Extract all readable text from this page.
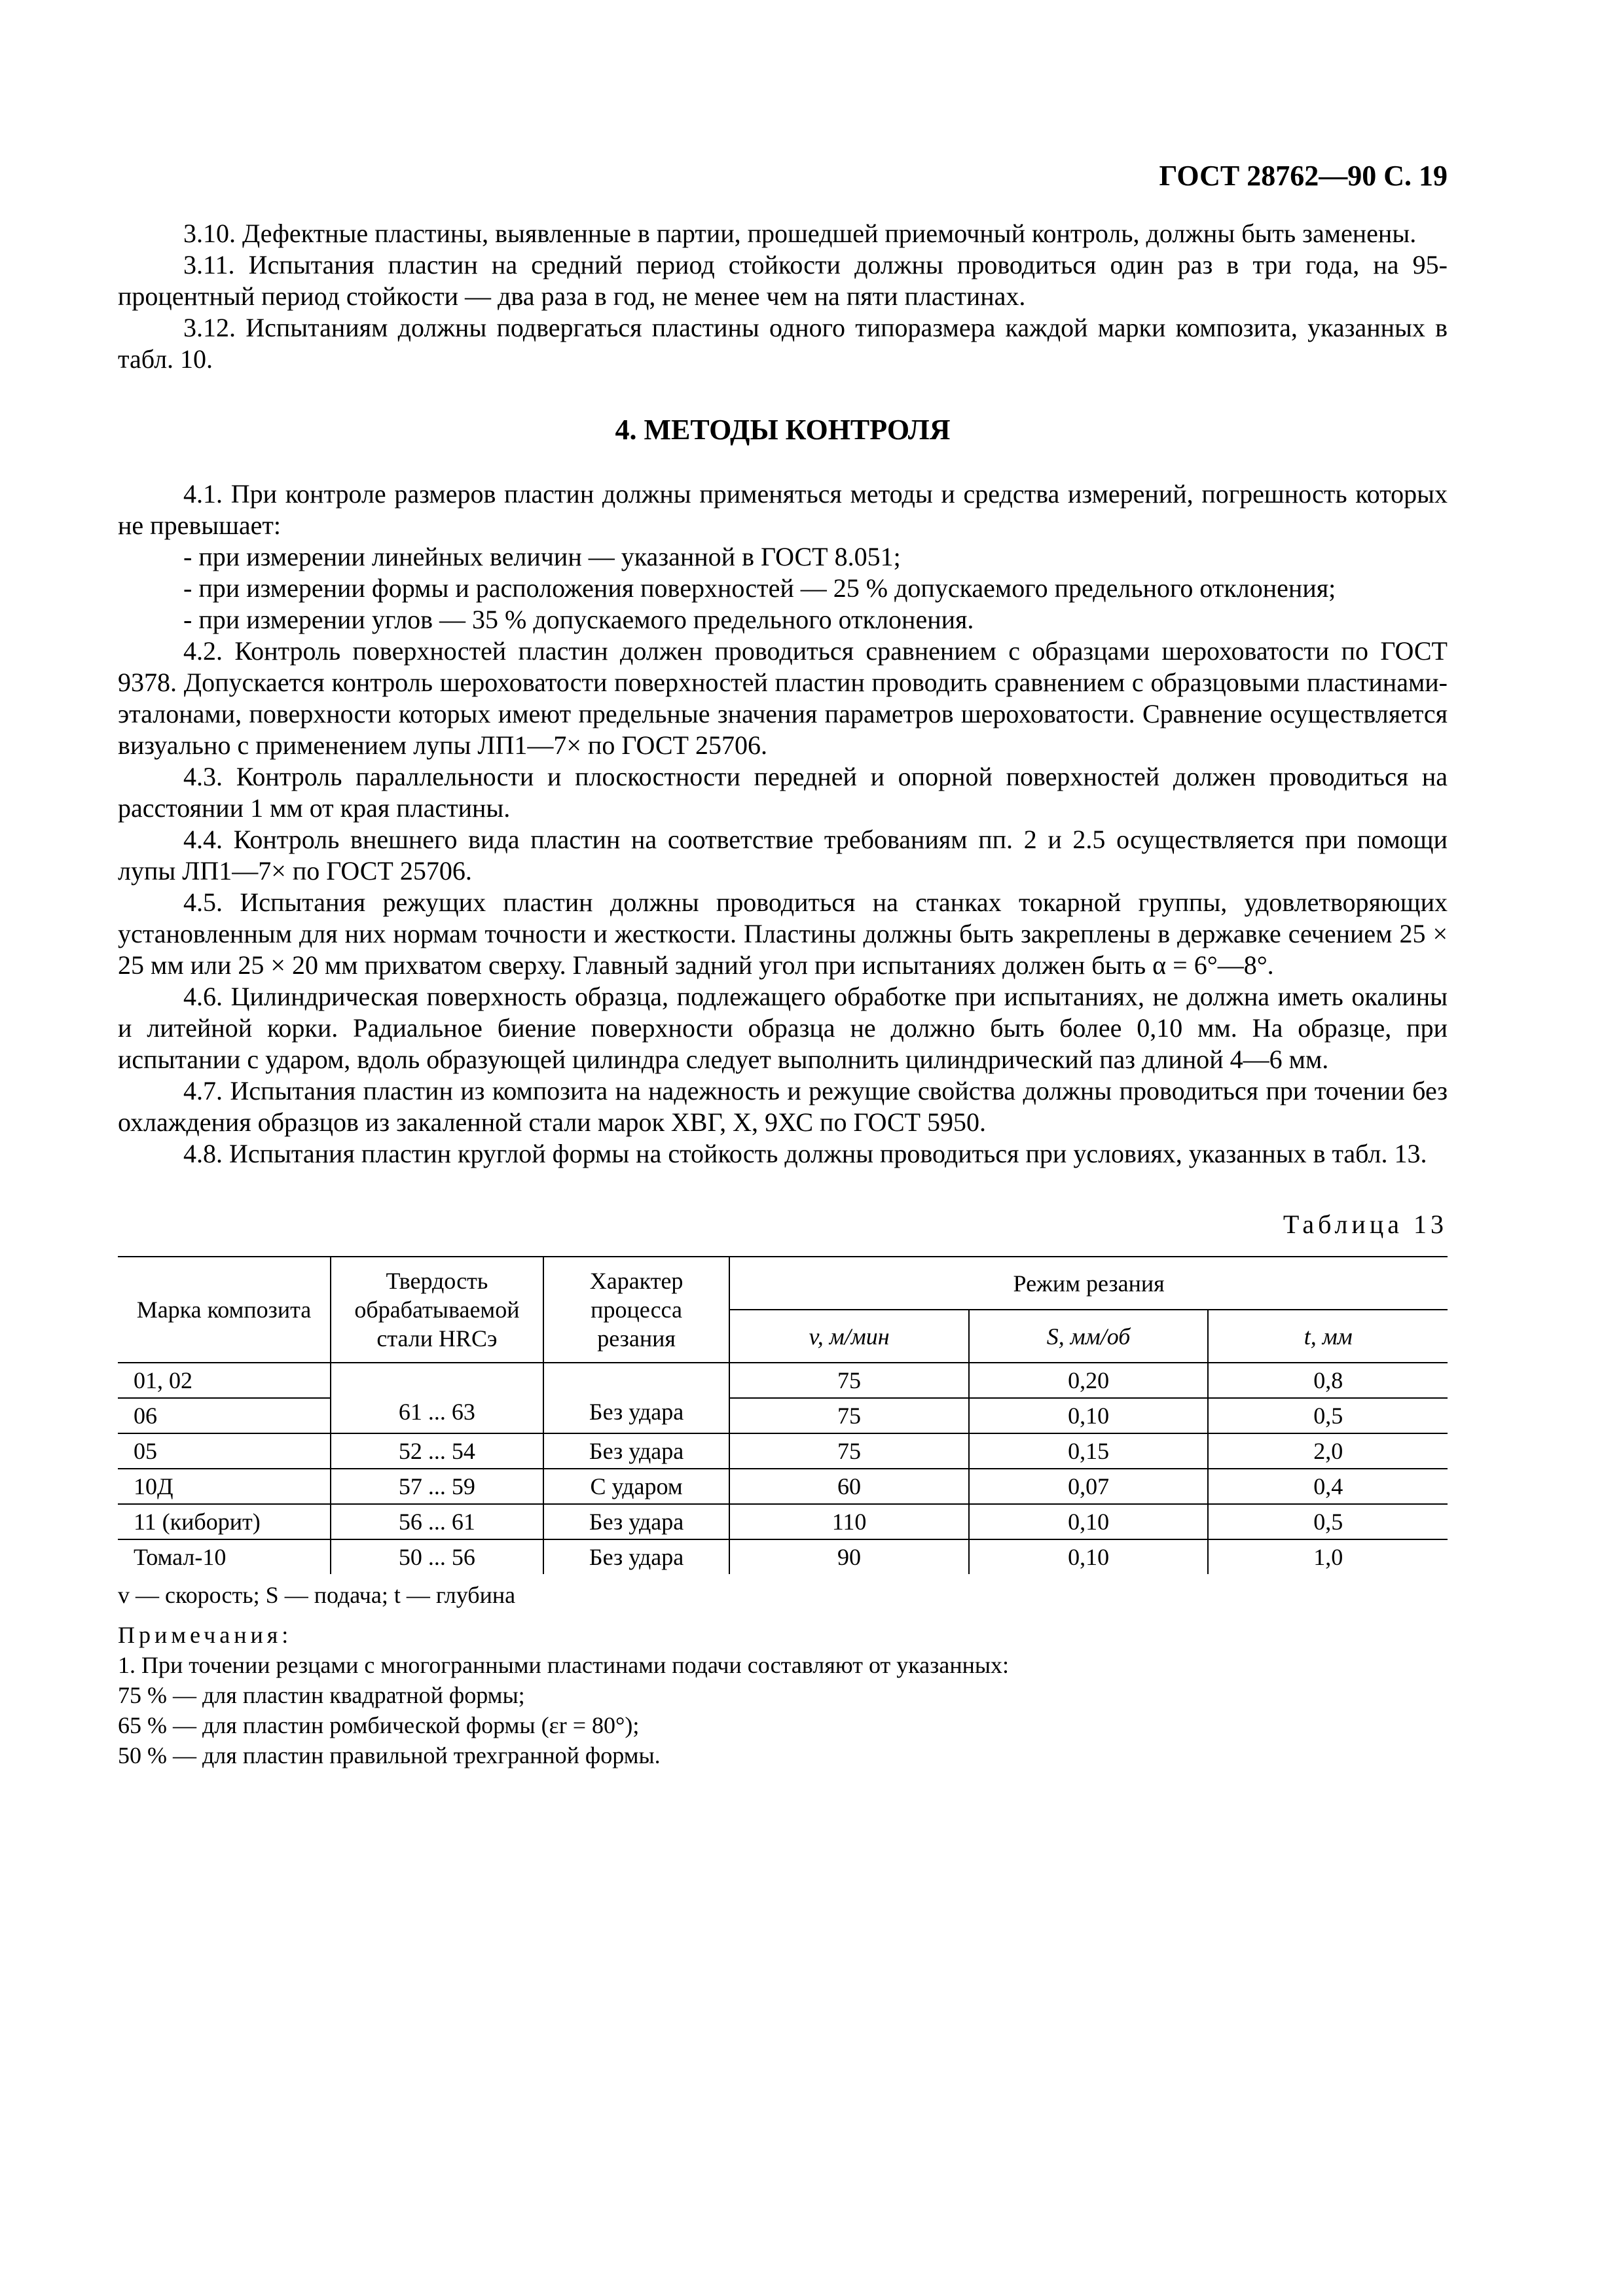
ГОСТ 28762—90 С. 19

3.10. Дефектные пластины, выявленные в партии, прошедшей приемочный контроль, должны быть заменены.

3.11. Испытания пластин на средний период стойкости должны проводиться один раз в три года, на 95-процентный период стойкости — два раза в год, не менее чем на пяти пластинах.

3.12. Испытаниям должны подвергаться пластины одного типоразмера каждой марки композита, указанных в табл. 10.

4. МЕТОДЫ КОНТРОЛЯ

4.1. При контроле размеров пластин должны применяться методы и средства измерений, погрешность которых не превышает:

- при измерении линейных величин — указанной в ГОСТ 8.051;

- при измерении формы и расположения поверхностей — 25 % допускаемого предельного отклонения;

- при измерении углов — 35 % допускаемого предельного отклонения.

4.2. Контроль поверхностей пластин должен проводиться сравнением с образцами шероховатости по ГОСТ 9378. Допускается контроль шероховатости поверхностей пластин проводить сравнением с образцовыми пластинами-эталонами, поверхности которых имеют предельные значения параметров шероховатости. Сравнение осуществляется визуально с применением лупы ЛП1—7× по ГОСТ 25706.

4.3. Контроль параллельности и плоскостности передней и опорной поверхностей должен проводиться на расстоянии 1 мм от края пластины.

4.4. Контроль внешнего вида пластин на соответствие требованиям пп. 2 и 2.5 осуществляется при помощи лупы ЛП1—7× по ГОСТ 25706.

4.5. Испытания режущих пластин должны проводиться на станках токарной группы, удовлетворяющих установленным для них нормам точности и жесткости. Пластины должны быть закреплены в державке сечением 25 × 25 мм или 25 × 20 мм прихватом сверху. Главный задний угол при испытаниях должен быть α = 6°—8°.

4.6. Цилиндрическая поверхность образца, подлежащего обработке при испытаниях, не должна иметь окалины и литейной корки. Радиальное биение поверхности образца не должно быть более 0,10 мм. На образце, при испытании с ударом, вдоль образующей цилиндра следует выполнить цилиндрический паз длиной 4—6 мм.

4.7. Испытания пластин из композита на надежность и режущие свойства должны проводиться при точении без охлаждения образцов из закаленной стали марок ХВГ, Х, 9ХС по ГОСТ 5950.

4.8. Испытания пластин круглой формы на стойкость должны проводиться при условиях, указанных в табл. 13.

Таблица 13
Марка композита	Твердость обрабатываемой стали HRCэ	Характер процесса резания	Режим резания		
			v, м/мин	S, мм/об	t, мм
01, 02	61 ... 63	Без удара	75	0,20	0,8
06			75	0,10	0,5
05	52 ... 54	Без удара	75	0,15	2,0
10Д	57 ... 59	С ударом	60	0,07	0,4
11 (киборит)	56 ... 61	Без удара	110	0,10	0,5
Томал-10	50 ... 56	Без удара	90	0,10	1,0
v — скорость; S — подача; t — глубина
Примечания:
1. При точении резцами с многогранными пластинами подачи составляют от указанных:
75 % — для пластин квадратной формы;
65 % — для пластин ромбической формы (εr = 80°);
50 % — для пластин правильной трехгранной формы.
